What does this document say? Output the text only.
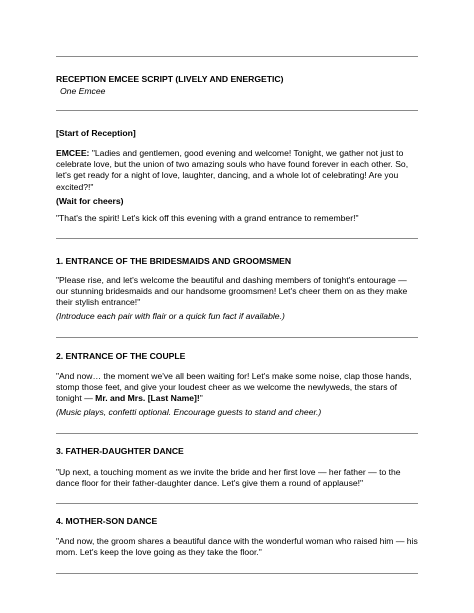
RECEPTION EMCEE SCRIPT (LIVELY AND ENERGETIC)
One Emcee
[Start of Reception]
EMCEE: "Ladies and gentlemen, good evening and welcome! Tonight, we gather not just to celebrate love, but the union of two amazing souls who have found forever in each other. So, let's get ready for a night of love, laughter, dancing, and a whole lot of celebrating! Are you excited?!"
(Wait for cheers)
"That's the spirit! Let's kick off this evening with a grand entrance to remember!"
1. ENTRANCE OF THE BRIDESMAIDS AND GROOMSMEN
"Please rise, and let's welcome the beautiful and dashing members of tonight's entourage — our stunning bridesmaids and our handsome groomsmen! Let's cheer them on as they make their stylish entrance!"
(Introduce each pair with flair or a quick fun fact if available.)
2. ENTRANCE OF THE COUPLE
"And now… the moment we've all been waiting for! Let's make some noise, clap those hands, stomp those feet, and give your loudest cheer as we welcome the newlyweds, the stars of tonight — Mr. and Mrs. [Last Name]!"
(Music plays, confetti optional. Encourage guests to stand and cheer.)
3. FATHER-DAUGHTER DANCE
"Up next, a touching moment as we invite the bride and her first love — her father — to the dance floor for their father-daughter dance. Let's give them a round of applause!"
4. MOTHER-SON DANCE
"And now, the groom shares a beautiful dance with the wonderful woman who raised him — his mom. Let's keep the love going as they take the floor."
